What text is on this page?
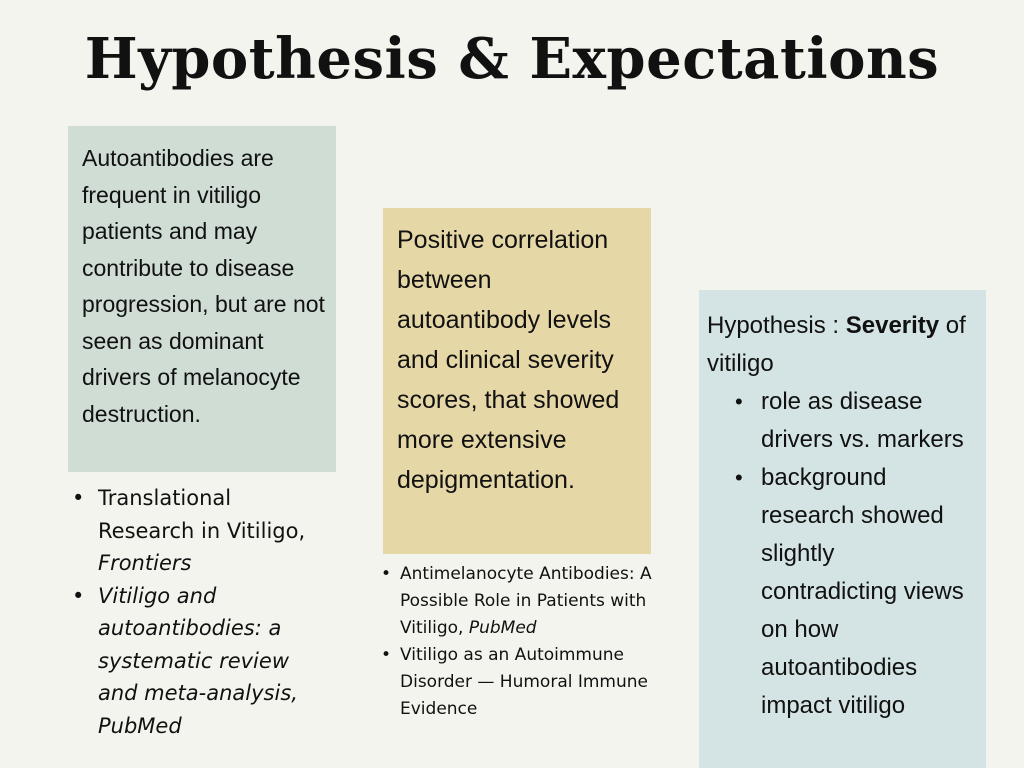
Hypothesis & Expectations
Autoantibodies are frequent in vitiligo patients and may contribute to disease progression, but are not seen as dominant drivers of melanocyte destruction.
• Translational Research in Vitiligo, Frontiers
• Vitiligo and autoantibodies: a systematic review and meta-analysis, PubMed
Positive correlation between autoantibody levels and clinical severity scores, that showed more extensive depigmentation.
• Antimelanocyte Antibodies: A Possible Role in Patients with Vitiligo, PubMed
• Vitiligo as an Autoimmune Disorder — Humoral Immune Evidence
Hypothesis : Severity of vitiligo
• role as disease drivers vs. markers
• background research showed slightly contradicting views on how autoantibodies impact vitiligo
